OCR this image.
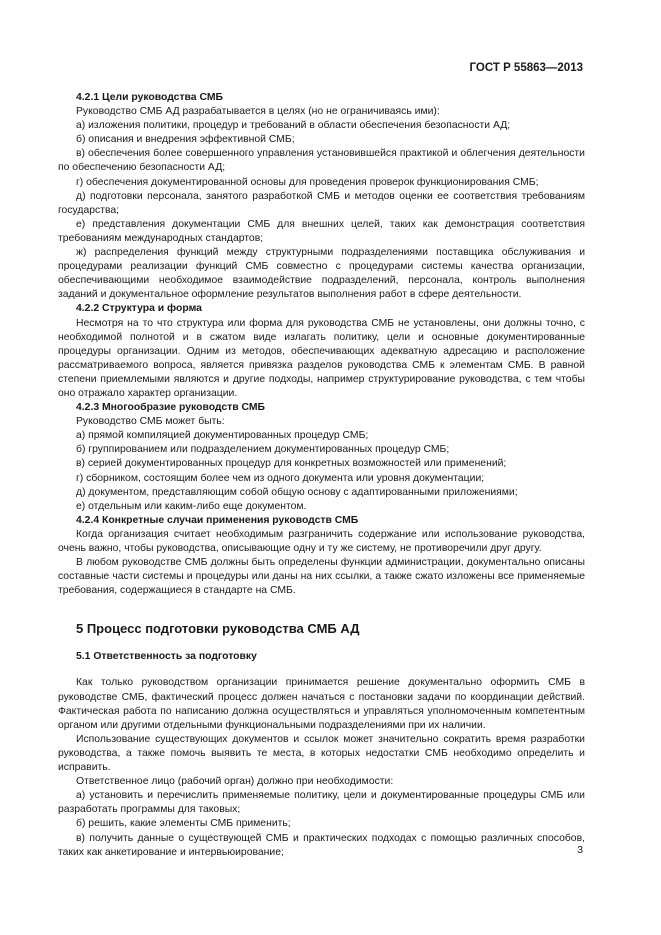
ГОСТ Р 55863—2013

4.2.1 Цели руководства СМБ

Руководство СМБ АД разрабатывается в целях (но не ограничиваясь ими):

а) изложения политики, процедур и требований в области обеспечения безопасности АД;

б) описания и внедрения эффективной СМБ;

в) обеспечения более совершенного управления установившейся практикой и облегчения деятельности по обеспечению безопасности АД;

г) обеспечения документированной основы для проведения проверок функционирования СМБ;

д) подготовки персонала, занятого разработкой СМБ и методов оценки ее соответствия требованиям государства;

е) представления документации СМБ для внешних целей, таких как демонстрация соответствия требованиям международных стандартов;

ж) распределения функций между структурными подразделениями поставщика обслуживания и процедурами реализации функций СМБ совместно с процедурами системы качества организации, обеспечивающими необходимое взаимодействие подразделений, персонала, контроль выполнения заданий и документальное оформление результатов выполнения работ в сфере деятельности.

4.2.2 Структура и форма

Несмотря на то что структура или форма для руководства СМБ не установлены, они должны точно, с необходимой полнотой и в сжатом виде излагать политику, цели и основные документированные процедуры организации. Одним из методов, обеспечивающих адекватную адресацию и расположение рассматриваемого вопроса, является привязка разделов руководства СМБ к элементам СМБ. В равной степени приемлемыми являются и другие подходы, например структурирование руководства, с тем чтобы оно отражало характер организации.

4.2.3 Многообразие руководств СМБ

Руководство СМБ может быть:

а) прямой компиляцией документированных процедур СМБ;

б) группированием или подразделением документированных процедур СМБ;

в) серией документированных процедур для конкретных возможностей или применений;

г) сборником, состоящим более чем из одного документа или уровня документации;

д) документом, представляющим собой общую основу с адаптированными приложениями;

е) отдельным или каким-либо еще документом.

4.2.4 Конкретные случаи применения руководств СМБ

Когда организация считает необходимым разграничить содержание или использование руководства, очень важно, чтобы руководства, описывающие одну и ту же систему, не противоречили друг другу.

В любом руководстве СМБ должны быть определены функции администрации, документально описаны составные части системы и процедуры или даны на них ссылки, а также сжато изложены все применяемые требования, содержащиеся в стандарте на СМБ.

5 Процесс подготовки руководства СМБ АД
5.1 Ответственность за подготовку

Как только руководством организации принимается решение документально оформить СМБ в руководстве СМБ, фактический процесс должен начаться с постановки задачи по координации действий. Фактическая работа по написанию должна осуществляться и управляться уполномоченным компетентным органом или другими отдельными функциональными подразделениями при их наличии.

Использование существующих документов и ссылок может значительно сократить время разработки руководства, а также помочь выявить те места, в которых недостатки СМБ необходимо определить и исправить.

Ответственное лицо (рабочий орган) должно при необходимости:

а) установить и перечислить применяемые политику, цели и документированные процедуры СМБ или разработать программы для таковых;

б) решить, какие элементы СМБ применить;

в) получить данные о существующей СМБ и практических подходах с помощью различных способов, таких как анкетирование и интервьюирование;	3
